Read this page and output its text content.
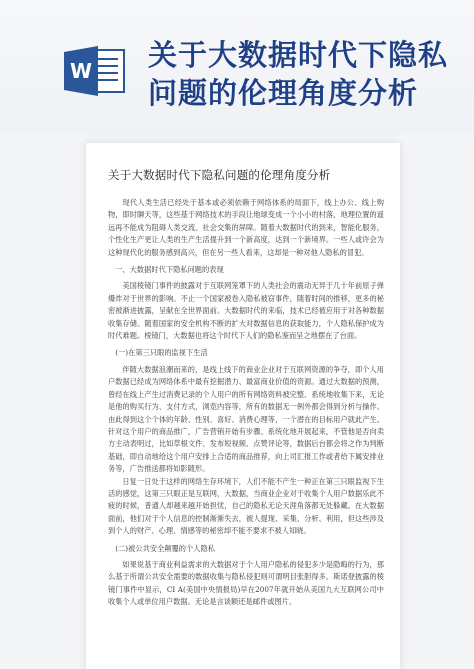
W 关于大数据时代下隐私
问题的伦理角度分析
关于大数据时代下隐私问题的伦理角度分析

现代人类生活已经处于基本或必须依赖于网络体系的局面下，线上办公、线上购物，即时聊天等，这些基于网络技术的手段让地球变成一个小小的村落，地理位置的遥远再不能成为阻碍人类交流、社会交集的屏障。随着大数据时代的到来，智能化服务，个性化生产更让人类的生产生活提升到一个新高度，达到一个新境界。一些人或许会为这种现代化的服务感到高兴，但在另一些人看来，这却是一种对他人隐私的冒犯。

一、大数据时代下隐私问题的表现

美国棱镜门事件的披露对于互联网笼罩下的人类社会的震动无异于几十年前原子弹爆炸对于世界的影响。不止一个国家被卷入隐私被窃事件，随着时间的推移，更多的秘密被渐进披露，呈献在全世界面前。大数据时代的来临，技术已经被应用于对各种数据收集存储。随着国家的安全机构不断的扩大对数据信息的获取能力，个人隐私保护成为时代难题。棱镜门，大数据也将这个时代下人们的隐私鉴而呈之地摆在了台面。

(一)在第三只眼的监视下生活

伴随大数据浪潮而来的，是线上线下的商业企业对于互联网资源的争夺，即个人用户数据已经成为网络体系中最有挖掘潜力、最富商业价值的资源。通过大数据的预测，曾经在线上产生过消费记录的个人用户的所有网络资料被完整、系统地收集下来，无论是他的购买行为、支付方式，浏览内容等，所有的数据无一例外都会得到分析与操作。由此得到这个个体的年龄、性别、喜好、消费心理等，一个潜在的目标用户就此产生。针对这个用户的商品推广，广告营销开始有步骤、系统化地开展起来，不管他是否向卖方主动表明过，比如草根文件、发布短视频、点赞评论等，数据后台都会将之作为判断基础，即自动地给这个用户安排上合适的商品推荐，向上司汇报工作或者给下属安排业务等，广告推送都将如影随形。

日复一日处于这样的网络生存环境下，人们不能不产生一种正在第三只眼监视下生活的感觉，这第三只眼正是互联网，大数据，当商业企业对于收集个人用户数据乐此不疲的时候，普通人却越来越开始担忧，自己的隐私无论天涯角落都无处躲藏。在大数据面前，他们对于个人信息的控制渐渐失去，被人提现、采集、分析、利用，但这些涉及到个人的财产、心理、情感等的秘密却不能不要求不被人知晓。

(二)被公共安全颠覆的个人隐私

如果说基于商业利益需求的大数据对于个人用户隐私的侵犯多少是隐晦的行为，那么基于所谓公共安全需要的数据收集与隐私侵犯则可谓明目张胆得多。斯诺登披露的棱镜门事件中显示，CI A(美国中央情报局)早在2007年就开始从美国九大互联网公司中收集个人或单位用户数据。无论是言谈额还是邮件或图片。
